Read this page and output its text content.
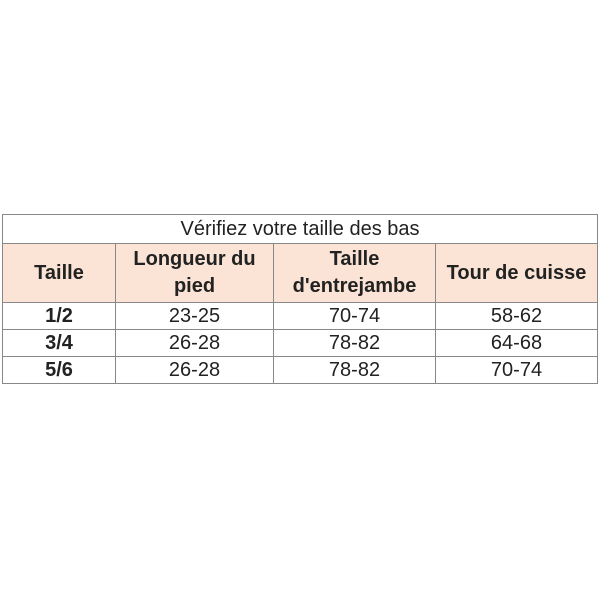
Vérifiez votre taille des bas			
Taille	Longueur du pied	Taille d'entrejambe	Tour de cuisse
1/2	23-25	70-74	58-62
3/4	26-28	78-82	64-68
5/6	26-28	78-82	70-74
